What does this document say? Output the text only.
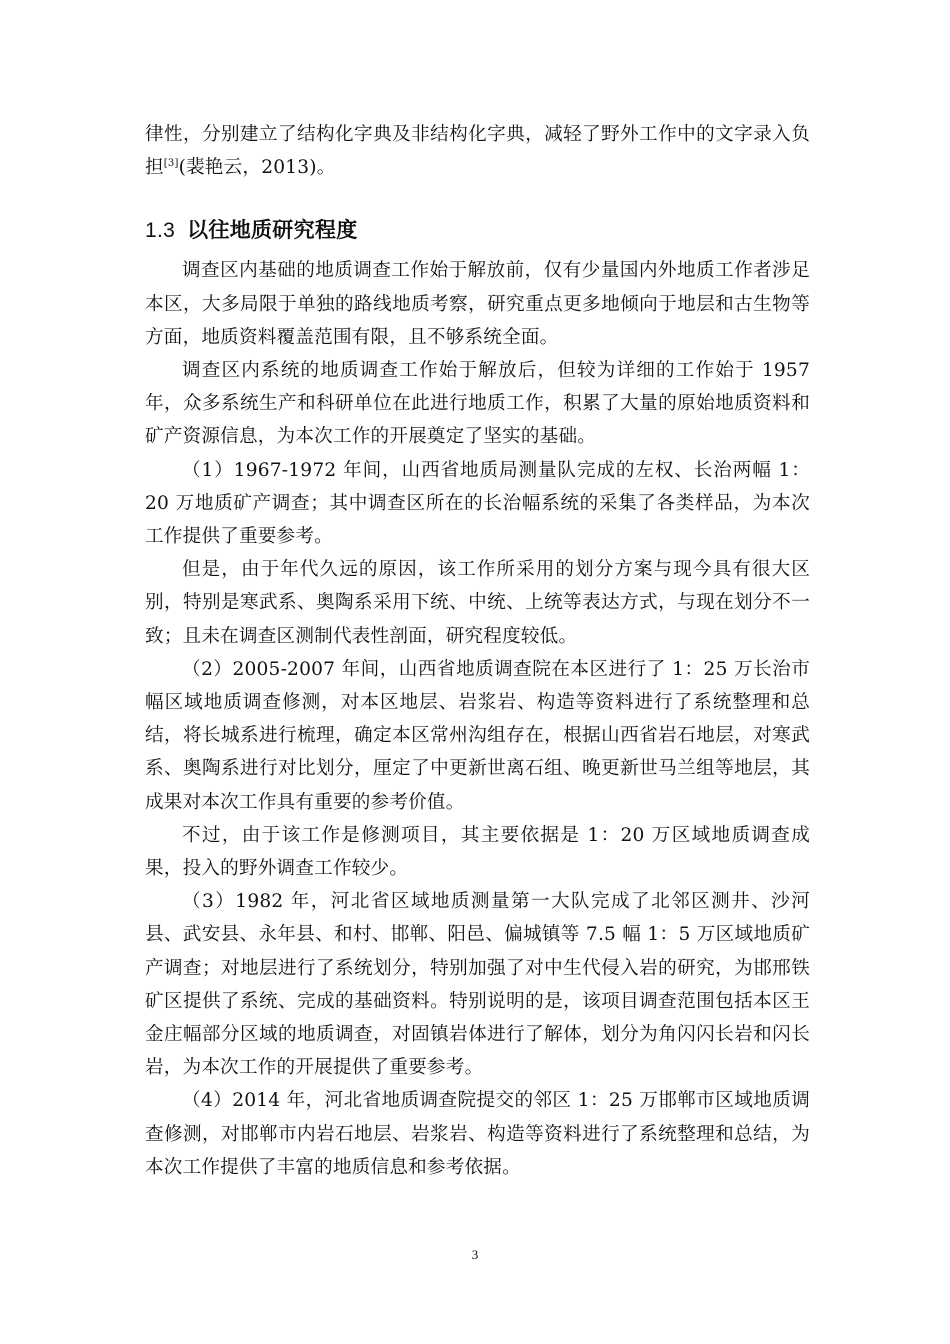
律性，分别建立了结构化字典及非结构化字典，减轻了野外工作中的文字录入负担[3](裴艳云，2013)。

1.3 以往地质研究程度

调查区内基础的地质调查工作始于解放前，仅有少量国内外地质工作者涉足本区，大多局限于单独的路线地质考察，研究重点更多地倾向于地层和古生物等方面，地质资料覆盖范围有限，且不够系统全面。

调查区内系统的地质调查工作始于解放后，但较为详细的工作始于 1957 年，众多系统生产和科研单位在此进行地质工作，积累了大量的原始地质资料和矿产资源信息，为本次工作的开展奠定了坚实的基础。

（1）1967-1972 年间，山西省地质局测量队完成的左权、长治两幅 1：20 万地质矿产调查；其中调查区所在的长治幅系统的采集了各类样品，为本次工作提供了重要参考。

但是，由于年代久远的原因，该工作所采用的划分方案与现今具有很大区别，特别是寒武系、奥陶系采用下统、中统、上统等表达方式，与现在划分不一致；且未在调查区测制代表性剖面，研究程度较低。

（2）2005-2007 年间，山西省地质调查院在本区进行了 1：25 万长治市幅区域地质调查修测，对本区地层、岩浆岩、构造等资料进行了系统整理和总结，将长城系进行梳理，确定本区常州沟组存在，根据山西省岩石地层，对寒武系、奥陶系进行对比划分，厘定了中更新世离石组、晚更新世马兰组等地层，其成果对本次工作具有重要的参考价值。

不过，由于该工作是修测项目，其主要依据是 1：20 万区域地质调查成果，投入的野外调查工作较少。

（3）1982 年，河北省区域地质测量第一大队完成了北邻区测井、沙河县、武安县、永年县、和村、邯郸、阳邑、偏城镇等 7.5 幅 1：5 万区域地质矿产调查；对地层进行了系统划分，特别加强了对中生代侵入岩的研究，为邯邢铁矿区提供了系统、完成的基础资料。特别说明的是，该项目调查范围包括本区王金庄幅部分区域的地质调查，对固镇岩体进行了解体，划分为角闪闪长岩和闪长岩，为本次工作的开展提供了重要参考。

（4）2014 年，河北省地质调查院提交的邻区 1：25 万邯郸市区域地质调查修测，对邯郸市内岩石地层、岩浆岩、构造等资料进行了系统整理和总结，为本次工作提供了丰富的地质信息和参考依据。

3
